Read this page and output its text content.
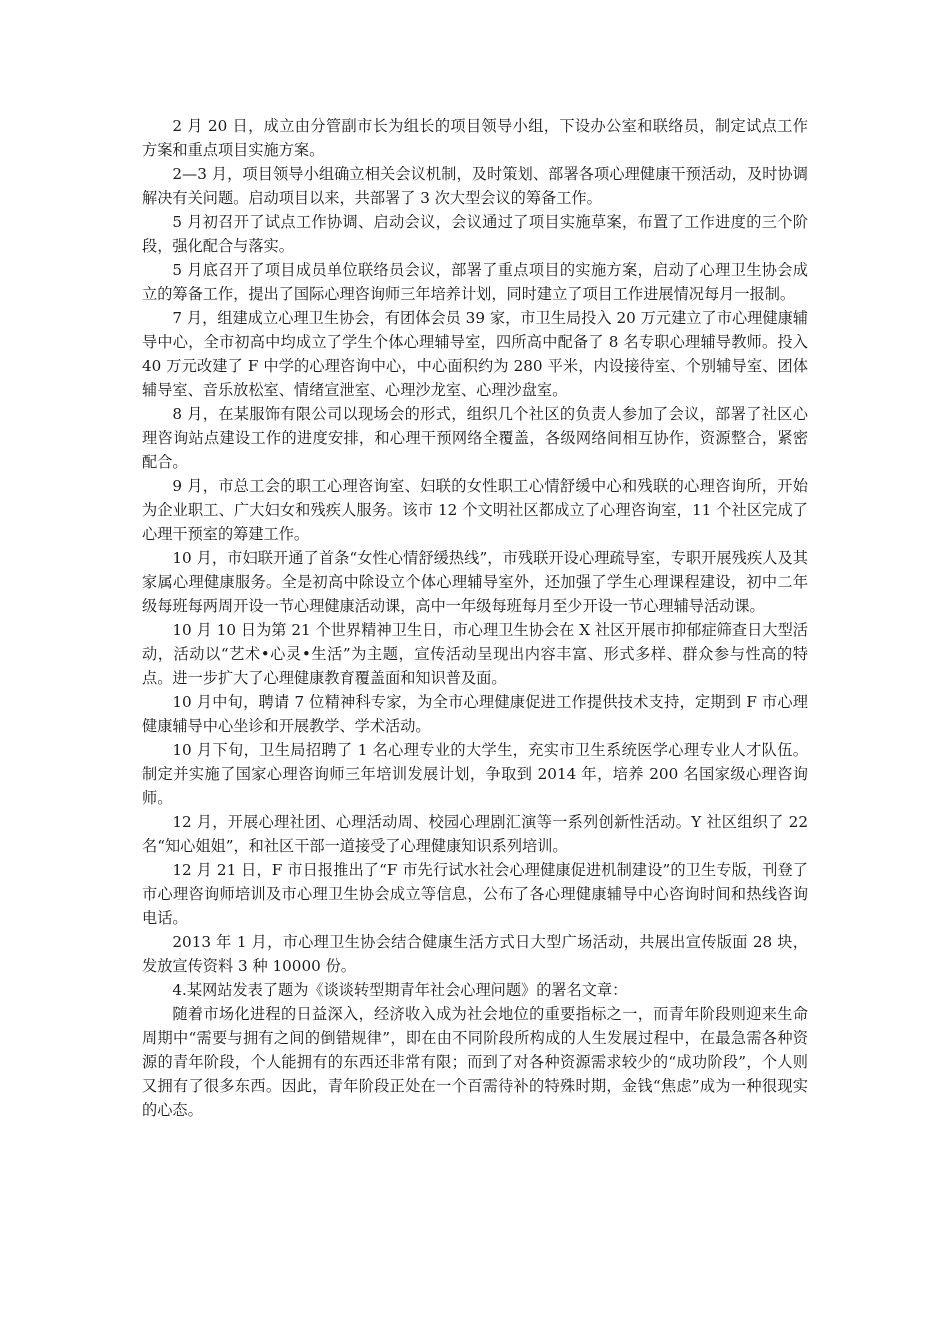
2 月 20 日，成立由分管副市长为组长的项目领导小组，下设办公室和联络员，制定试点工作方案和重点项目实施方案。

2—3 月，项目领导小组确立相关会议机制，及时策划、部署各项心理健康干预活动，及时协调解决有关问题。启动项目以来，共部署了 3 次大型会议的筹备工作。

5 月初召开了试点工作协调、启动会议，会议通过了项目实施草案，布置了工作进度的三个阶段，强化配合与落实。

5 月底召开了项目成员单位联络员会议，部署了重点项目的实施方案，启动了心理卫生协会成立的筹备工作，提出了国际心理咨询师三年培养计划，同时建立了项目工作进展情况每月一报制。

7 月，组建成立心理卫生协会，有团体会员 39 家，市卫生局投入 20 万元建立了市心理健康辅导中心，全市初高中均成立了学生个体心理辅导室，四所高中配备了 8 名专职心理辅导教师。投入 40 万元改建了 F 中学的心理咨询中心，中心面积约为 280 平米，内设接待室、个别辅导室、团体辅导室、音乐放松室、情绪宣泄室、心理沙龙室、心理沙盘室。

8 月，在某服饰有限公司以现场会的形式，组织几个社区的负责人参加了会议，部署了社区心理咨询站点建设工作的进度安排，和心理干预网络全覆盖，各级网络间相互协作，资源整合，紧密配合。

9 月，市总工会的职工心理咨询室、妇联的女性职工心情舒缓中心和残联的心理咨询所，开始为企业职工、广大妇女和残疾人服务。该市 12 个文明社区都成立了心理咨询室，11 个社区完成了心理干预室的筹建工作。

10 月，市妇联开通了首条“女性心情舒缓热线”，市残联开设心理疏导室，专职开展残疾人及其家属心理健康服务。全是初高中除设立个体心理辅导室外，还加强了学生心理课程建设，初中二年级每班每两周开设一节心理健康活动课，高中一年级每班每月至少开设一节心理辅导活动课。

10 月 10 日为第 21 个世界精神卫生日，市心理卫生协会在 X 社区开展市抑郁症筛查日大型活动，活动以“艺术•心灵•生活”为主题，宣传活动呈现出内容丰富、形式多样、群众参与性高的特点。进一步扩大了心理健康教育覆盖面和知识普及面。

10 月中旬，聘请 7 位精神科专家，为全市心理健康促进工作提供技术支持，定期到 F 市心理健康辅导中心坐诊和开展教学、学术活动。

10 月下旬，卫生局招聘了 1 名心理专业的大学生，充实市卫生系统医学心理专业人才队伍。制定并实施了国家心理咨询师三年培训发展计划，争取到 2014 年，培养 200 名国家级心理咨询师。

12 月，开展心理社团、心理活动周、校园心理剧汇演等一系列创新性活动。Y 社区组织了 22 名“知心姐姐”，和社区干部一道接受了心理健康知识系列培训。

12 月 21 日，F 市日报推出了“F 市先行试水社会心理健康促进机制建设”的卫生专版，刊登了市心理咨询师培训及市心理卫生协会成立等信息，公布了各心理健康辅导中心咨询时间和热线咨询电话。

2013 年 1 月，市心理卫生协会结合健康生活方式日大型广场活动，共展出宣传版面 28 块，发放宣传资料 3 种 10000 份。

4.某网站发表了题为《谈谈转型期青年社会心理问题》的署名文章：

随着市场化进程的日益深入，经济收入成为社会地位的重要指标之一，而青年阶段则迎来生命周期中“需要与拥有之间的倒错规律”，即在由不同阶段所构成的人生发展过程中，在最急需各种资源的青年阶段，个人能拥有的东西还非常有限；而到了对各种资源需求较少的“成功阶段”，个人则又拥有了很多东西。因此，青年阶段正处在一个百需待补的特殊时期，金钱“焦虑”成为一种很现实的心态。
